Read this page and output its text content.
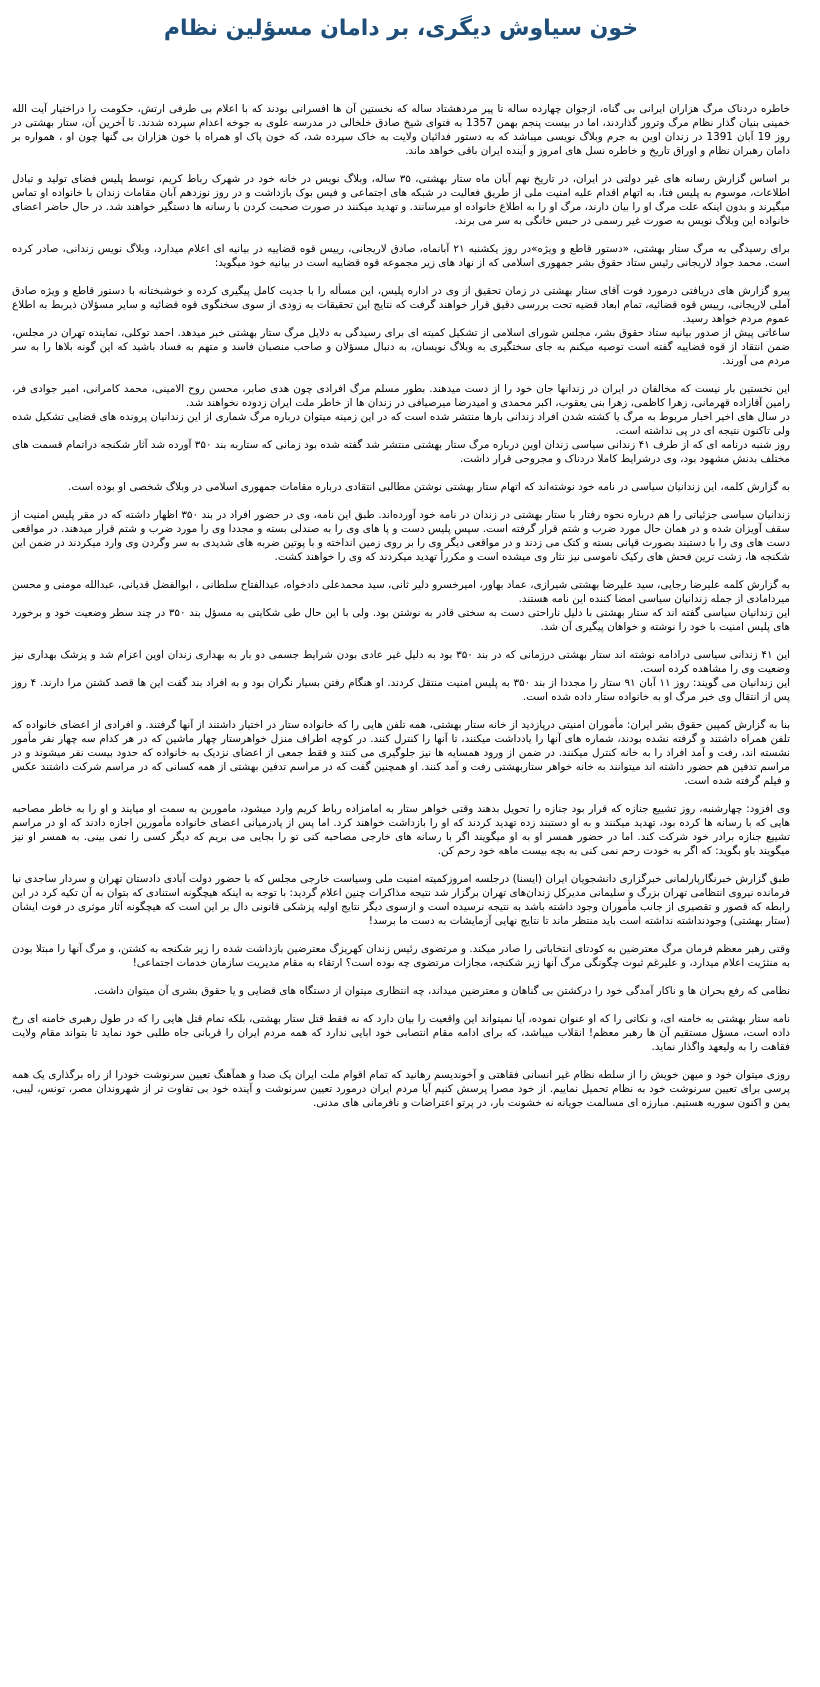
خون سیاوش دیگری، بر دامان مسؤلین نظام

خاطره دردناک مرگ هزاران ایرانی بی گناه، ازجوان چهارده ساله تا پیر مردهشتاد ساله که نخستین آن ها افسرانی بودند که با اعلام بی طرفی ارتش، حکومت را دراختیار آیت الله خمینی بنیان گذار نظام مرگ وترور گذاردند، اما در بیست پنجم بهمن 1357 به فتوای شیخ صادق خلخالی در مدرسه علوی به جوخه اعدام سپرده شدند. تا آخرین آن، ستار بهشتی در روز 19 آبان 1391 در زندان اوین به جرم وبلاگ نویسی میباشد که به دستور فدائیان ولایت به خاک سپرده شد، که خون پاک او همراه با خون هزاران بی گنها چون او ، همواره بر دامان رهبران نظام و اوراق تاریخ و خاطره نسل های امروز و آینده ایران باقی خواهد ماند.

بر اساس گزارش رسانه های غیر دولتی در ایران، در تاریخ نهم آبان ماه ستار بهشتی، ٣۵ ساله، وبلاگ نویس در خانه خود در شهرک رباط کریم، توسط پلیس فضای تولید و تبادل اطلاعات، موسوم به پلیس فتا، به اتهام اقدام علیه امنیت ملی از طریق فعالیت در شبکه های اجتماعی و فیس بوک بازداشت و در روز نوزدهم آبان مقامات زندان با خانواده او تماس میگیرند و بدون اینکه علت مرگ او را بیان دارند، مرگ او را به اطلاع خانواده او میرسانند. و تهدید میکنند در صورت صحبت کردن با رسانه ها دستگیر خواهند شد. در حال حاضر اعضای خانواده این وبلاگ نویس به صورت غیر رسمی در حبس خانگی به سر می برند.

برای رسیدگی به مرگ ستار بهشتی، «دستور قاطع و ویژه»در روز یکشنبه ٢١ آبانماه، صادق لاریجانی، رییس قوه قضاییه در بیانیه ای اعلام میدارد، وبلاگ نویس زندانی، صادر کرده است. محمد جواد لاریجانی رئیس ستاد حقوق بشر جمهوری اسلامی که از نهاد های زیر مجموعه قوه قضاییه است در بیانیه خود میگوید:

پیرو گزارش های دریافتی درمورد فوت آقای ستار بهشتی در زمان تحقیق از وی در اداره پلیس، این مسأله را با جدیت کامل پیگیری کرده و خوشبختانه با دستور قاطع و ویژه صادق آملی لاریجانی، رییس قوه قضائیه، تمام ابعاد قضیه تحت بررسی دقیق قرار خواهند گرفت که نتایج این تحقیقات به زودی از سوی سخنگوی قوه قضائیه و سایر مسؤلان ذیربط به اطلاع عموم مردم خواهد رسید.
ساعاتی پیش از صدور بیانیه ستاد حقوق بشر، مجلس شورای اسلامی از تشکیل کمیته ای برای رسیدگی به دلایل مرگ ستار بهشتی خبر میدهد. احمد توکلی، نماینده تهران در مجلس، ضمن انتقاد از قوه قضاییه گفته است توصیه میکنم به جای سختگیری به وبلاگ نویسان، به دنبال مسؤلان و صاحب منصبان فاسد و متهم به فساد باشید که این گونه بلاها را به سر مردم می آورند.

این نخستین بار نیست که مخالفان در ایران در زندانها جان خود را از دست میدهند. بطور مسلم مرگ افرادی چون هدی صابر، محسن روح الامینی، محمد کامرانی، امیر جوادی فر، رامین آقازاده قهرمانی، زهرا کاظمی، زهرا بنی یعقوب، اکبر محمدی و امیدرضا میرصیافی در زندان ها از خاطر ملت ایران زدوده نخواهند شد.
در سال های اخیر اخبار مربوط به مرگ یا کشته شدن افراد زندانی بارها منتشر شده است که در این زمینه میتوان درباره مرگ شماری از این زندانیان پرونده های قضایی تشکیل شده ولی تاکنون نتیجه ای در پی نداشته است.
روز شنبه درنامه ای که از طرف ۴١ زندانی سیاسی زندان اوین درباره مرگ ستار بهشتی منتشر شد گفته شده بود زمانی که ستاربه بند ٣۵٠ آورده شد آثار شکنجه دراتمام قسمت های مختلف بدنش مشهود بود، وی درشرایط کاملا دردناک و مجروحی قرار داشت.

به گزارش کلمه، این زندانیان سیاسی در نامه خود نوشته‌اند که اتهام ستار بهشتی نوشتن مطالبی انتقادی درباره مقامات جمهوری اسلامی در وبلاگ شخصی او بوده است.

زندانیان سیاسی جزئیاتی را هم درباره نحوه رفتار با ستار بهشتی در زندان در نامه خود آورده‌اند. طبق این نامه، وی در حضور افراد در بند ٣۵٠ اظهار داشته که در مقر پلیس امنیت از سقف آویزان شده و در همان حال مورد ضرب و شتم قرار گرفته است. سپس پلیس دست و پا های وی را به صندلی بسته و مجددا وی را مورد ضرب و شتم قرار میدهند. در مواقعی دست های وی را با دستبند بصورت قپانی بسته و کتک می زدند و در مواقعی دیگر وی را بر روی زمین انداخته و با پوتین ضربه های شدیدی به سر وگردن وی وارد میکردند در ضمن این شکنجه ها، زشت ترین فحش های رکیک ناموسی نیز نثار وی میشده است و مکرراً تهدید میکردند که وی را خواهند کشت.

به گزارش کلمه علیرضا رجایی، سید علیرضا بهشتی شیرازی، عماد بهاور، امیرخسرو دلیر ثانی، سید محمدعلی دادخواه، عبدالفتاح سلطانی ، ابوالفضل قدیانی، عبدالله مومنی و محسن میردامادی از جمله زندانیان سیاسی امضا کننده این نامه هستند.
این زندانیان سیاسی گفته اند که ستار بهشتی با دلیل ناراحتی دست به سختی قادر به نوشتن بود. ولی با این حال طی شکایتی به مسؤل بند ٣۵٠ در چند سطر وضعیت خود و برخورد های پلیس امنیت با خود را نوشته و خواهان پیگیری آن شد.

این ۴١ زندانی سیاسی درادامه نوشته اند ستار بهشتی درزمانی که در بند ٣۵٠ بود به دلیل غیر عادی بودن شرایط جسمی دو بار به بهداری زندان اوین اعزام شد و پزشک بهداری نیز وضعیت وی را مشاهده کرده است.
این زندانیان می گویند: روز ١١ آبان ٩١ ستار را مجددا از بند ٣۵٠ به پلیس امنیت منتقل کردند. او هنگام رفتن بسیار نگران بود و به افراد بند گفت این ها قصد کشتن مرا دارند. ۴ روز پس از انتقال وی خبر مرگ او به خانواده ستار داده شده است.

بنا به گزارش کمپین حقوق بشر ایران: مأموران امنیتی درپازدید از خانه ستار بهشتی، همه تلفن هایی را که خانواده ستار در اختیار داشتند از آنها گرفتند. و افرادی از اعضای خانواده که تلفن همراه داشتند و گرفته نشده بودند، شماره های آنها را یادداشت میکنند، تا آنها را کنترل کنند. در کوچه اطراف منزل خواهرستار چهار ماشین که در هر کدام سه چهار نفر مأمور نشسته اند، رفت و آمد افراد را به خانه کنترل میکنند. در ضمن از ورود همسایه ها نیز جلوگیری می کنند و فقط جمعی از اعضای نزدیک به خانواده که حدود بیست نفر میشوند و در مراسم تدفین هم حضور داشته اند میتوانند به خانه خواهر ستاربهشتی رفت و آمد کنند. او همچنین گفت که در مراسم تدفین بهشتی از همه کسانی که در مراسم شرکت داشتند عکس و فیلم گرفته شده است.

وی افزود: چهارشنبه، روز تشییع جنازه که قرار بود جنازه را تحویل بدهند وقتی خواهر ستار به امامزاده رباط کریم وارد میشود، ماموربن به سمت او میایند و او را به خاطر مصاحبه هایی که با رسانه ها کرده بود، تهدید میکنند و به او دستبند زده تهدید کردند که او را بازداشت خواهند کرد. اما پس از پادرمیانی اعضای خانواده مأمورین اجازه دادند که او در مراسم تشییع جنازه برادر خود شرکت کند. اما در حضور همسر او به او میگویند اگر با رسانه های خارجی مصاحبه کنی تو را بجایی می بریم که دیگر کسی را نمی بینی. به همسر او نیز میگویند باو بگوید: که اگر به خودت رحم نمی کنی به بچه بیست ماهه خود رحم کن.

طبق گزارش خبرنگارپارلمانی خبرگزاری دانشجویان ایران (ایسنا) درجلسه امروزکمیته امنیت ملی وسیاست خارجی مجلس که با حضور دولت آبادی دادستان تهران و سردار ساجدی نیا فرمانده نیروی انتظامی تهران بزرگ و سلیمانی مدیرکل زندان‌های تهران برگزار شد نتیجه مذاکرات چنین اعلام گردید: با توجه به اینکه هیچگونه استنادی که بتوان به آن تکیه کرد در این رابطه که قصور و تقصیری از جانب مأموران وجود داشته باشد به نتیجه نرسیده است و ازسوی دیگر نتایج اولیه پزشکی قانونی دال بر این است که هیچگونه آثار موثری در فوت ایشان (ستار بهشتی) وجودنداشته نداشته است باید منتظر ماند تا نتایج نهایی آزمایشات به دست ما برسد!

وقتی رهبر معظم فرمان مرگ معترضین به کودتای انتخاباتی را صادر میکند. و مرتضوی رئیس زندان کهریزگ معترضین بازداشت شده را زیر شکنجه به کشتن، و مرگ آنها را مبتلا بودن به منثژیت اعلام میدارد، و علیرغم ثبوت چگونگی مرگ آنها زیر شکنجه، مجازات مرتضوی چه بوده است؟ ارتقاء به مقام مدیریت سازمان خدمات اجتماعی!

نظامی که رفع بحران ها و ناکار آمدگی خود را درکشتن بی گناهان و معترضین میداند، چه انتظاری میتوان از دستگاه های قضایی و یا حقوق بشری آن میتوان داشت.

نامه ستار بهشتی به خامنه ای، و نکاتی را که او عنوان نموده، آیا نمیتواند این واقعیت را بیان دارد که نه فقط قتل ستار بهشتی، بلکه تمام قتل هایی را که در طول رهبری خامنه ای رخ داده است، مسؤل مستقیم آن ها رهبر معظم! انقلاب میباشد، که برای ادامه مقام انتصابی خود ابایی ندارد که همه مردم ایران را قربانی جاه طلبی خود نماید تا بتواند مقام ولایت فقاهت را به ولیعهد واگذار نماید.

روزی میتوان خود و میهن خویش را از سلطه نظام غیر انسانی فقاهتی و آخوندیسم رهانید که تمام اقوام ملت ایران یک صدا و همآهنگ تعیین سرنوشت خودرا از راه برگذاری یک همه پرسی برای تعیین سرنوشت خود به نظام تحمیل نماییم. از خود مصرا پرسش کنیم آیا مردم ایران درمورد تعیین سرنوشت و آینده خود بی تفاوت تر از شهروندان مصر، تونس، لیبی، یمن و اکنون سوریه هستیم. مبارزه ای مسالمت جویانه نه خشونت بار، در پرتو اعتراضات و نافرمانی های مدنی.
